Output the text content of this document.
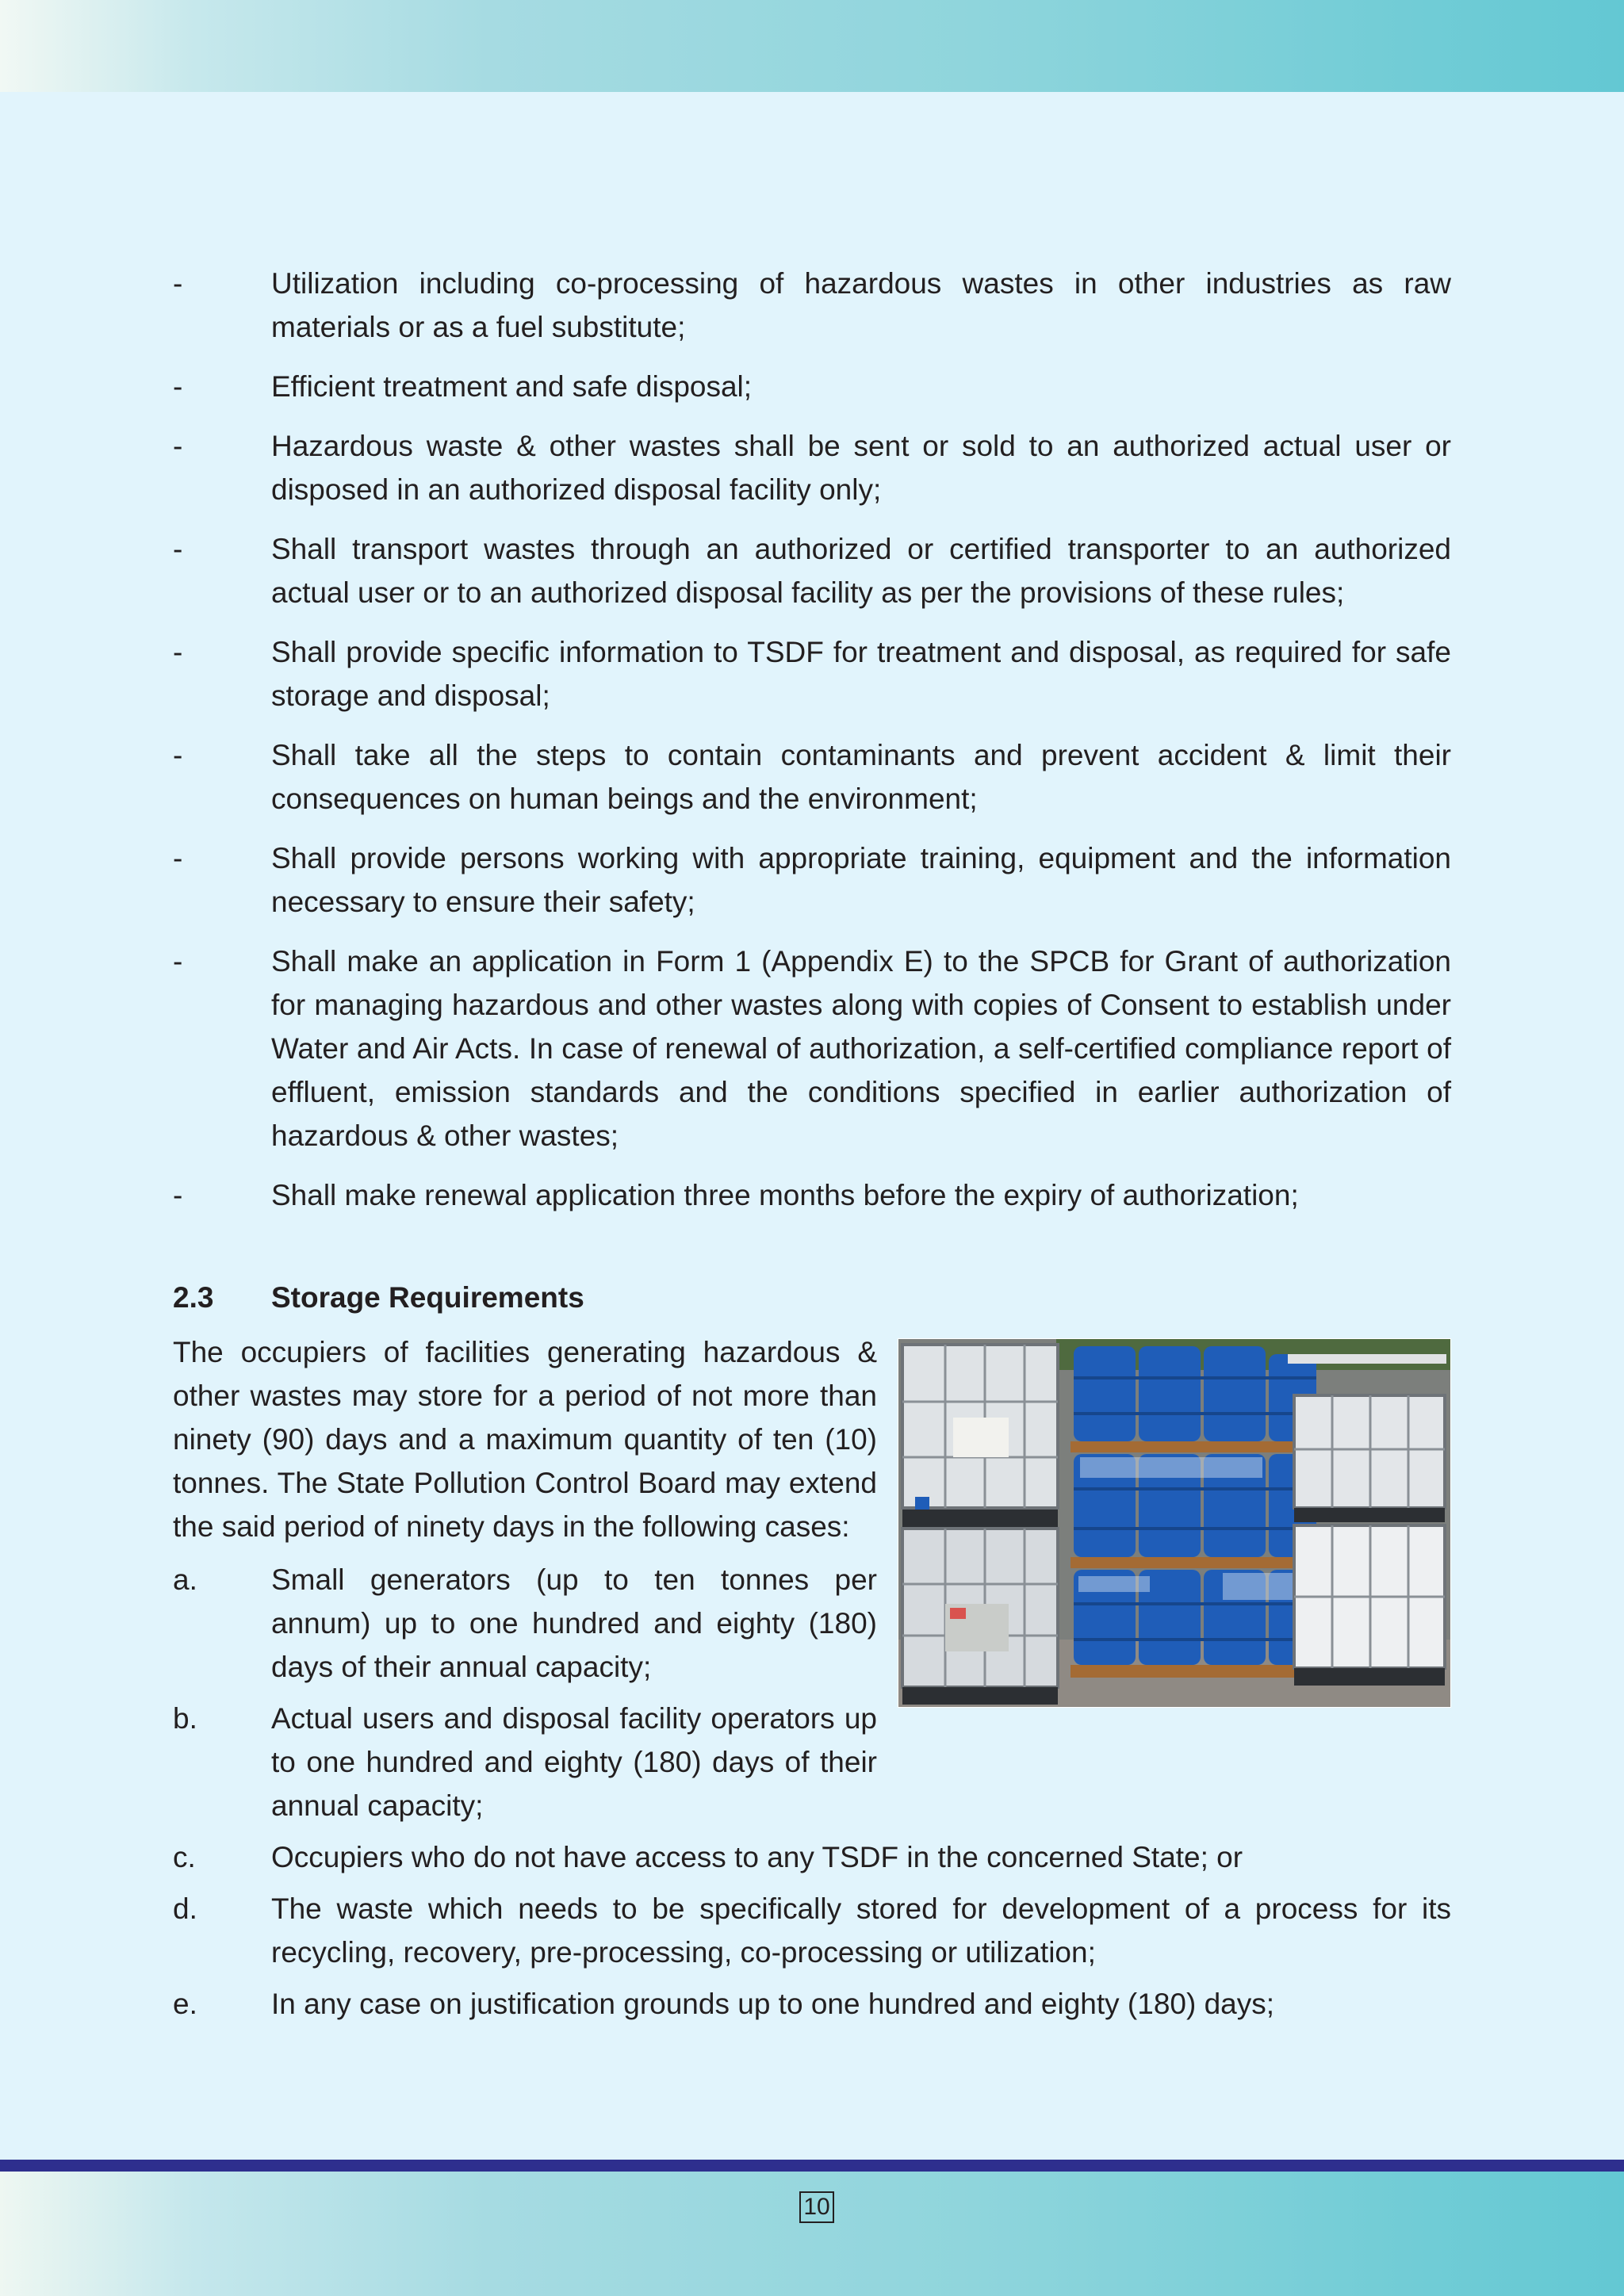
-	Utilization including co-processing of hazardous wastes in other industries as raw materials or as a fuel substitute;
-	Efficient treatment and safe disposal;
-	Hazardous waste & other wastes shall be sent or sold to an authorized actual user or disposed in an authorized disposal facility only;
-	Shall transport wastes through an authorized or certified transporter to an authorized actual user or to an authorized disposal facility as per the provisions of these rules;
-	Shall provide specific information to TSDF for treatment and disposal, as required for safe storage and disposal;
-	Shall take all the steps to contain contaminants and prevent accident & limit their consequences on human beings and the environment;
-	Shall provide persons working with appropriate training, equipment and the information necessary to ensure their safety;
-	Shall make an application in Form 1 (Appendix E) to the SPCB for Grant of authorization for managing hazardous and other wastes along with copies of Consent to establish under Water and Air Acts. In case of renewal of authorization, a self-certified compliance report of effluent, emission standards and the conditions specified in earlier authorization of hazardous & other wastes;
-	Shall make renewal application three months before the expiry of authorization;
2.3	Storage Requirements

The occupiers of facilities generating hazardous & other wastes may store for a period of not more than ninety (90) days and a maximum quantity of ten (10) tonnes. The State Pollution Control Board may extend the said period of ninety days in the following cases:

a.	Small generators (up to ten tonnes per annum) up to one hundred and eighty (180) days of their annual capacity;
b.	Actual users and disposal facility operators up to one hundred and eighty (180) days of their annual capacity;
c.	Occupiers who do not have access to any TSDF in the concerned State; or
d.	The waste which needs to be specifically stored for development of a process for its recycling, recovery, pre-processing, co-processing or utilization;
e.	In any case on justification grounds up to one hundred and eighty (180) days;
10
